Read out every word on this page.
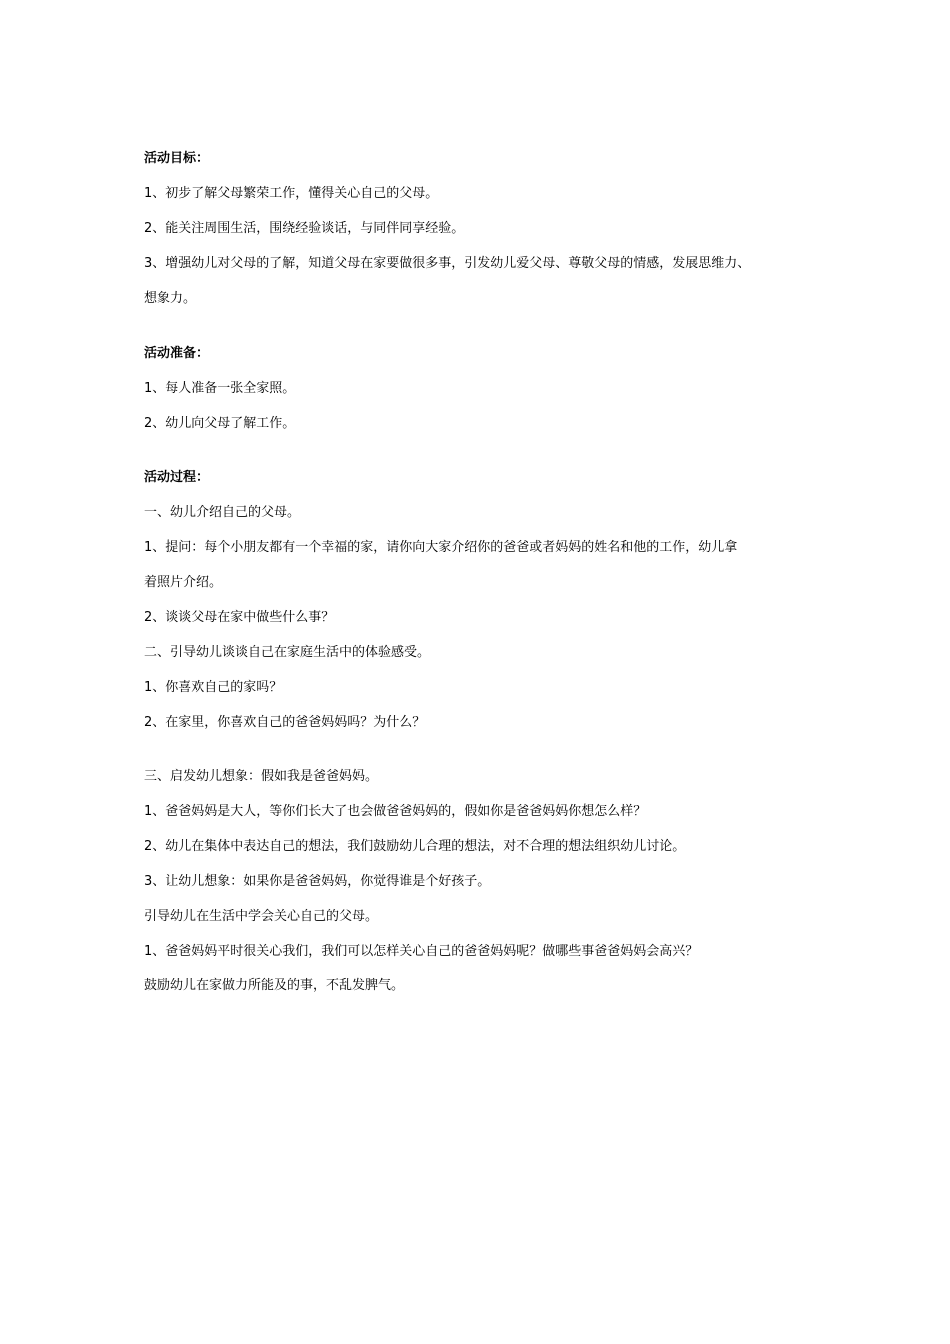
活动目标：

1、初步了解父母繁荣工作，懂得关心自己的父母。

2、能关注周围生活，围绕经验谈话，与同伴同享经验。

3、增强幼儿对父母的了解，知道父母在家要做很多事，引发幼儿爱父母、尊敬父母的情感，发展思维力、

想象力。

活动准备：

1、每人准备一张全家照。

2、幼儿向父母了解工作。

活动过程：

一、幼儿介绍自己的父母。

1、提问：每个小朋友都有一个幸福的家，请你向大家介绍你的爸爸或者妈妈的姓名和他的工作，幼儿拿

着照片介绍。

2、谈谈父母在家中做些什么事？

二、引导幼儿谈谈自己在家庭生活中的体验感受。

1、你喜欢自己的家吗？

2、在家里，你喜欢自己的爸爸妈妈吗？为什么？

三、启发幼儿想象：假如我是爸爸妈妈。

1、爸爸妈妈是大人，等你们长大了也会做爸爸妈妈的，假如你是爸爸妈妈你想怎么样？

2、幼儿在集体中表达自己的想法，我们鼓励幼儿合理的想法，对不合理的想法组织幼儿讨论。

3、让幼儿想象：如果你是爸爸妈妈，你觉得谁是个好孩子。

引导幼儿在生活中学会关心自己的父母。

1、爸爸妈妈平时很关心我们，我们可以怎样关心自己的爸爸妈妈呢？做哪些事爸爸妈妈会高兴？

鼓励幼儿在家做力所能及的事，不乱发脾气。
